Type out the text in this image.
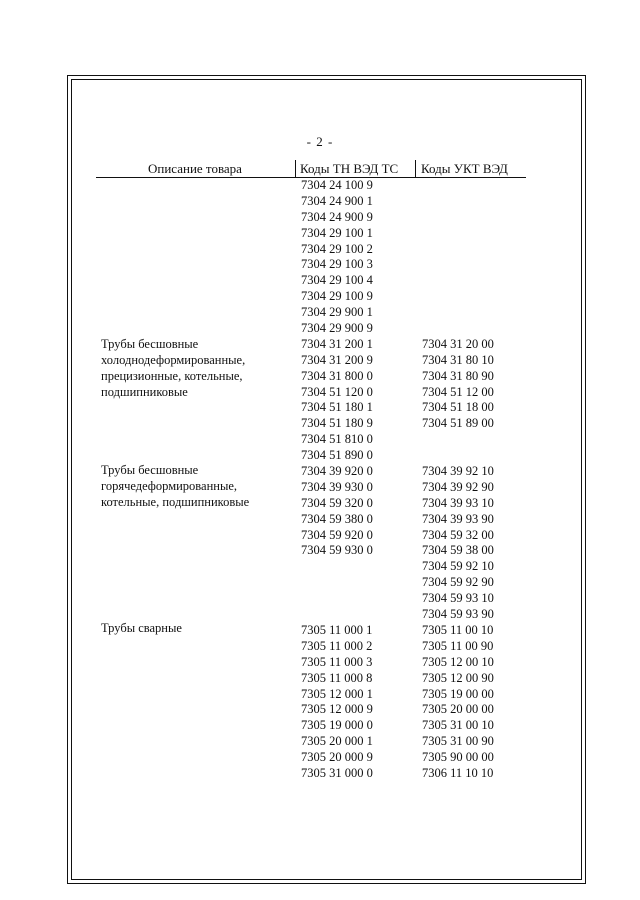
- 2 -
Описание товара	Коды ТН ВЭД ТС Коды УКТ ВЭД
Трубы бесшовные
холоднодеформированные,
прецизионные, котельные,
подшипниковые
Трубы бесшовные
горячедеформированные,
котельные, подшипниковые
Трубы сварные
7304 24 100 9
7304 24 900 1
7304 24 900 9
7304 29 100 1
7304 29 100 2
7304 29 100 3
7304 29 100 4
7304 29 100 9
7304 29 900 1
7304 29 900 9
7304 31 200 1
7304 31 200 9
7304 31 800 0
7304 51 120 0
7304 51 180 1
7304 51 180 9
7304 51 810 0
7304 51 890 0
7304 39 920 0
7304 39 930 0
7304 59 320 0
7304 59 380 0
7304 59 920 0
7304 59 930 0
7305 11 000 1
7305 11 000 2
7305 11 000 3
7305 11 000 8
7305 12 000 1
7305 12 000 9
7305 19 000 0
7305 20 000 1
7305 20 000 9
7305 31 000 0
7304 31 20 00
7304 31 80 10
7304 31 80 90
7304 51 12 00
7304 51 18 00
7304 51 89 00
7304 39 92 10
7304 39 92 90
7304 39 93 10
7304 39 93 90
7304 59 32 00
7304 59 38 00
7304 59 92 10
7304 59 92 90
7304 59 93 10
7304 59 93 90
7305 11 00 10
7305 11 00 90
7305 12 00 10
7305 12 00 90
7305 19 00 00
7305 20 00 00
7305 31 00 10
7305 31 00 90
7305 90 00 00
7306 11 10 10
